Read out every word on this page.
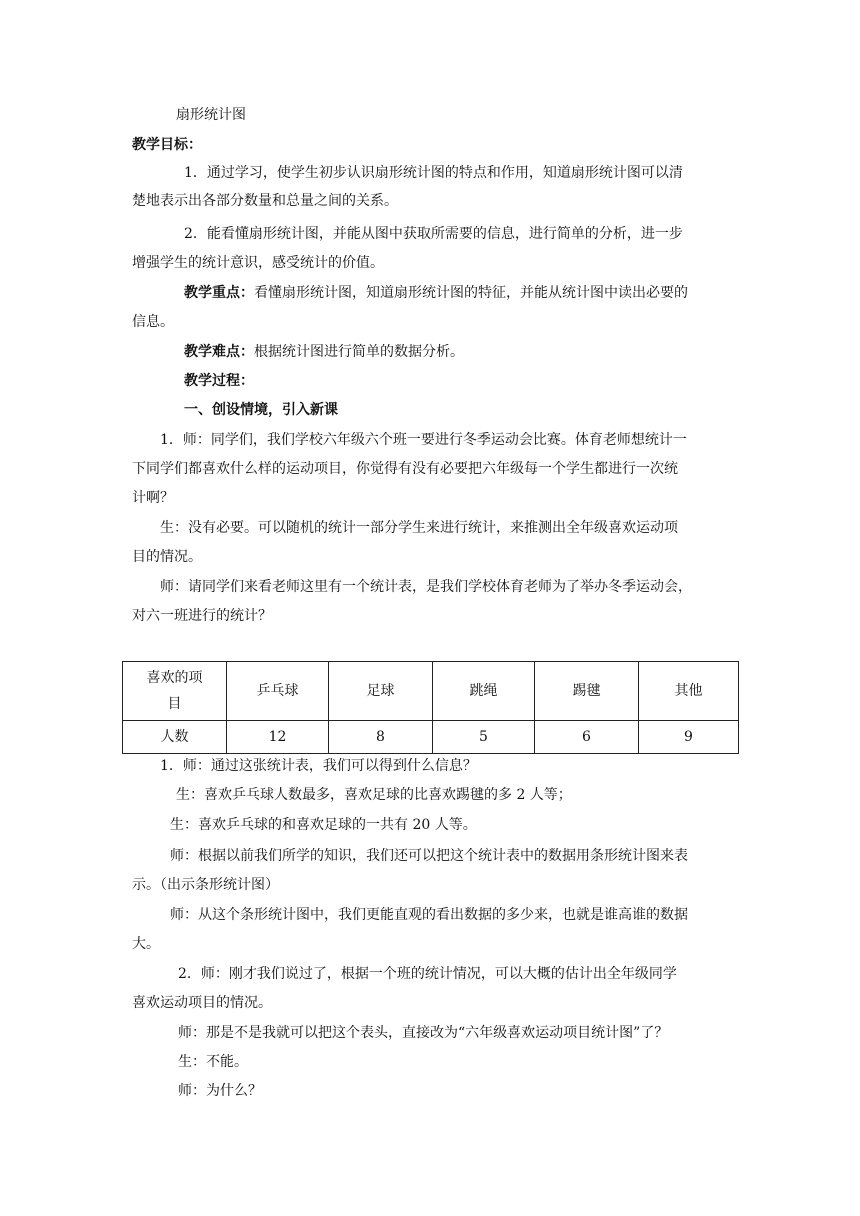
扇形统计图
教学目标：
1．通过学习，使学生初步认识扇形统计图的特点和作用，知道扇形统计图可以清
楚地表示出各部分数量和总量之间的关系。
2．能看懂扇形统计图，并能从图中获取所需要的信息，进行简单的分析，进一步
增强学生的统计意识，感受统计的价值。
教学重点：看懂扇形统计图，知道扇形统计图的特征，并能从统计图中读出必要的
信息。
教学难点：根据统计图进行简单的数据分析。
教学过程：
一、创设情境，引入新课
1．师：同学们，我们学校六年级六个班一要进行冬季运动会比赛。体育老师想统计一
下同学们都喜欢什么样的运动项目，你觉得有没有必要把六年级每一个学生都进行一次统
计啊？
生：没有必要。可以随机的统计一部分学生来进行统计，来推测出全年级喜欢运动项
目的情况。
师：请同学们来看老师这里有一个统计表，是我们学校体育老师为了举办冬季运动会，
对六一班进行的统计？
喜欢的项
目	乒乓球	足球	跳绳	踢毽	其他
人数	12	8	5	6	9
1．师：通过这张统计表，我们可以得到什么信息？
生：喜欢乒乓球人数最多，喜欢足球的比喜欢踢毽的多 2 人等；
生：喜欢乒乓球的和喜欢足球的一共有 20 人等。
师：根据以前我们所学的知识，我们还可以把这个统计表中的数据用条形统计图来表
示。（出示条形统计图）
师：从这个条形统计图中，我们更能直观的看出数据的多少来，也就是谁高谁的数据
大。
2．师：刚才我们说过了，根据一个班的统计情况，可以大概的估计出全年级同学
喜欢运动项目的情况。
师：那是不是我就可以把这个表头，直接改为“六年级喜欢运动项目统计图”了？
生：不能。
师：为什么？
